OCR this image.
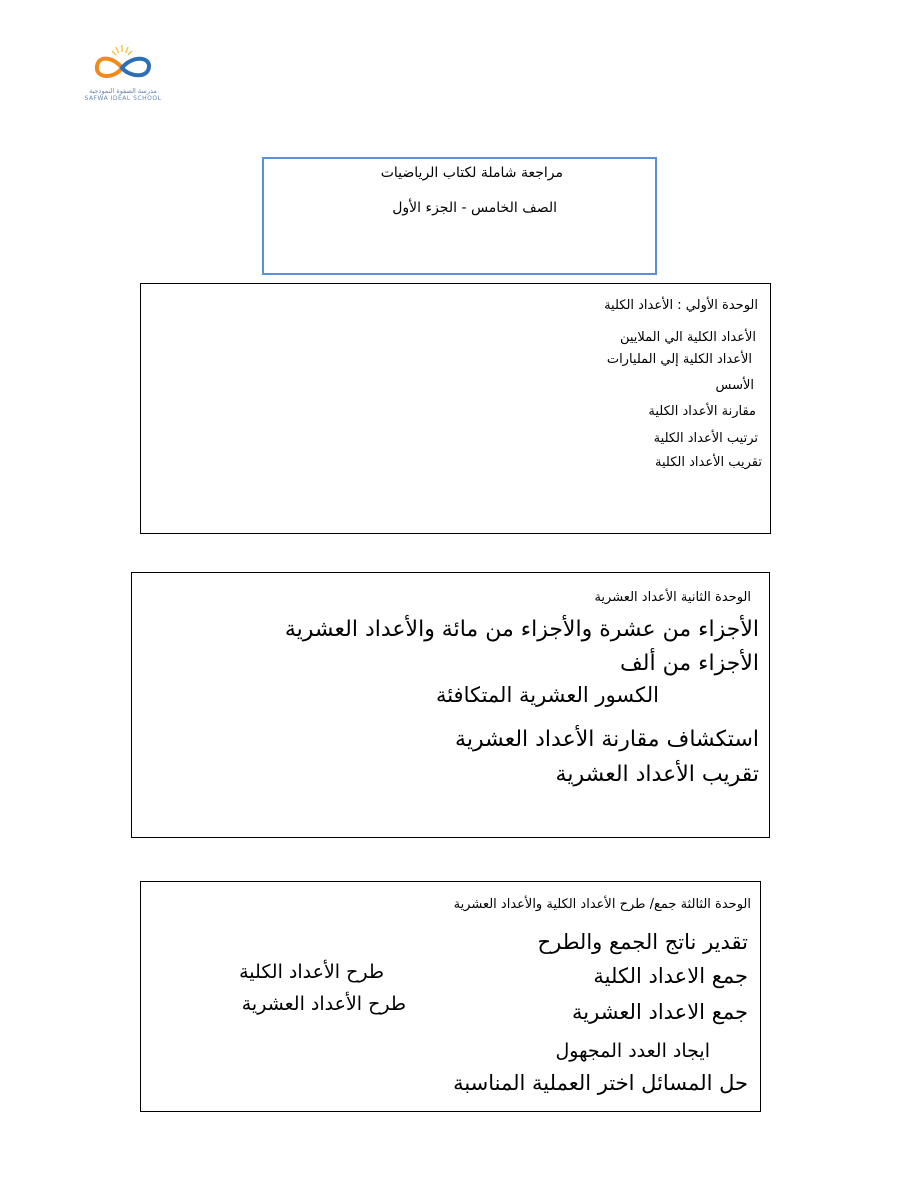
مدرسة الصفوة النموذجية
SAFWA IDEAL SCHOOL
مراجعة شاملة لكتاب الرياضيات
الصف الخامس - الجزء الأول
الوحدة الأولي : الأعداد الكلية
الأعداد الكلية الي الملايين
الأعداد الكلية إلي المليارات
الأسس
مقارنة الأعداد الكلية
ترتيب الأعداد الكلية
تقريب الأعداد الكلية
الوحدة الثانية الأعداد العشرية
الأجزاء من عشرة والأجزاء من مائة والأعداد العشرية
الأجزاء من ألف
الكسور العشرية المتكافئة
استكشاف مقارنة الأعداد العشرية
تقريب الأعداد العشرية
الوحدة الثالثة جمع/ طرح الأعداد الكلية والأعداد العشرية
تقدير ناتج الجمع والطرح
جمع الاعداد الكلية
جمع الاعداد العشرية
ايجاد العدد المجهول
حل المسائل اختر العملية المناسبة
طرح الأعداد الكلية
طرح الأعداد العشرية
